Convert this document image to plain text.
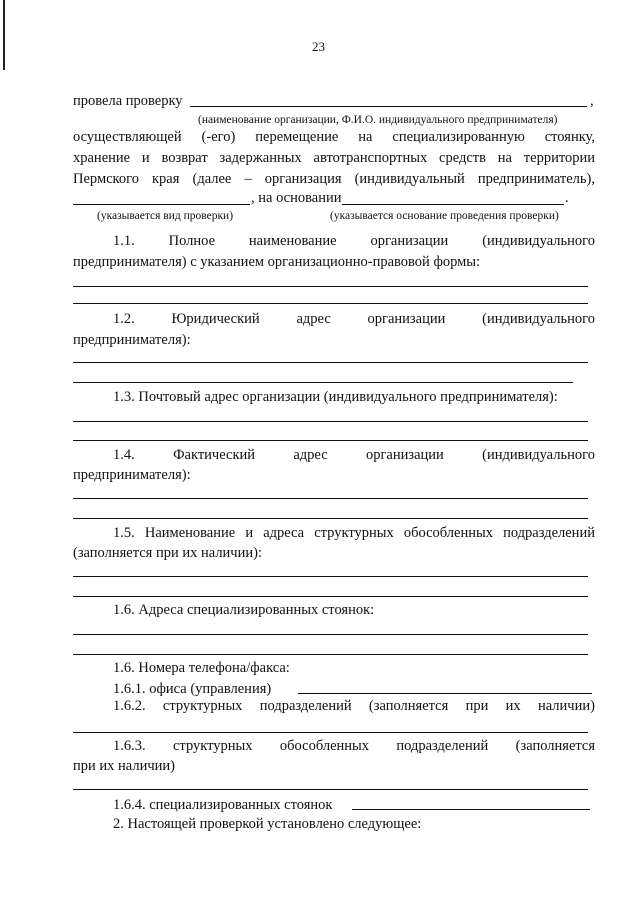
23
провела проверку	,
(наименование организации, Ф.И.О. индивидуального предпринимателя)
осуществляющей (-его) перемещение на специализированную стоянку,
хранение и возврат задержанных автотранспортных средств на территории
Пермского края (далее – организация (индивидуальный предприниматель),
, на основании	.
(указывается вид проверки)	(указывается основание проведения проверки)
1.1. Полное наименование организации (индивидуального
предпринимателя) с указанием организационно-правовой формы:
1.2.	Юридический	адрес	организации	(индивидуального
предпринимателя):
1.3. Почтовый адрес организации (индивидуального предпринимателя):
1.4.	Фактический	адрес	организации	(индивидуального
предпринимателя):
1.5. Наименование и адреса структурных обособленных подразделений
(заполняется при их наличии):
1.6. Адреса специализированных стоянок:
1.6. Номера телефона/факса:
1.6.1. офиса (управления)
1.6.2. структурных подразделений (заполняется при их наличии)
1.6.3. структурных обособленных подразделений (заполняется
при их наличии)
1.6.4. специализированных стоянок
2. Настоящей проверкой установлено следующее:
